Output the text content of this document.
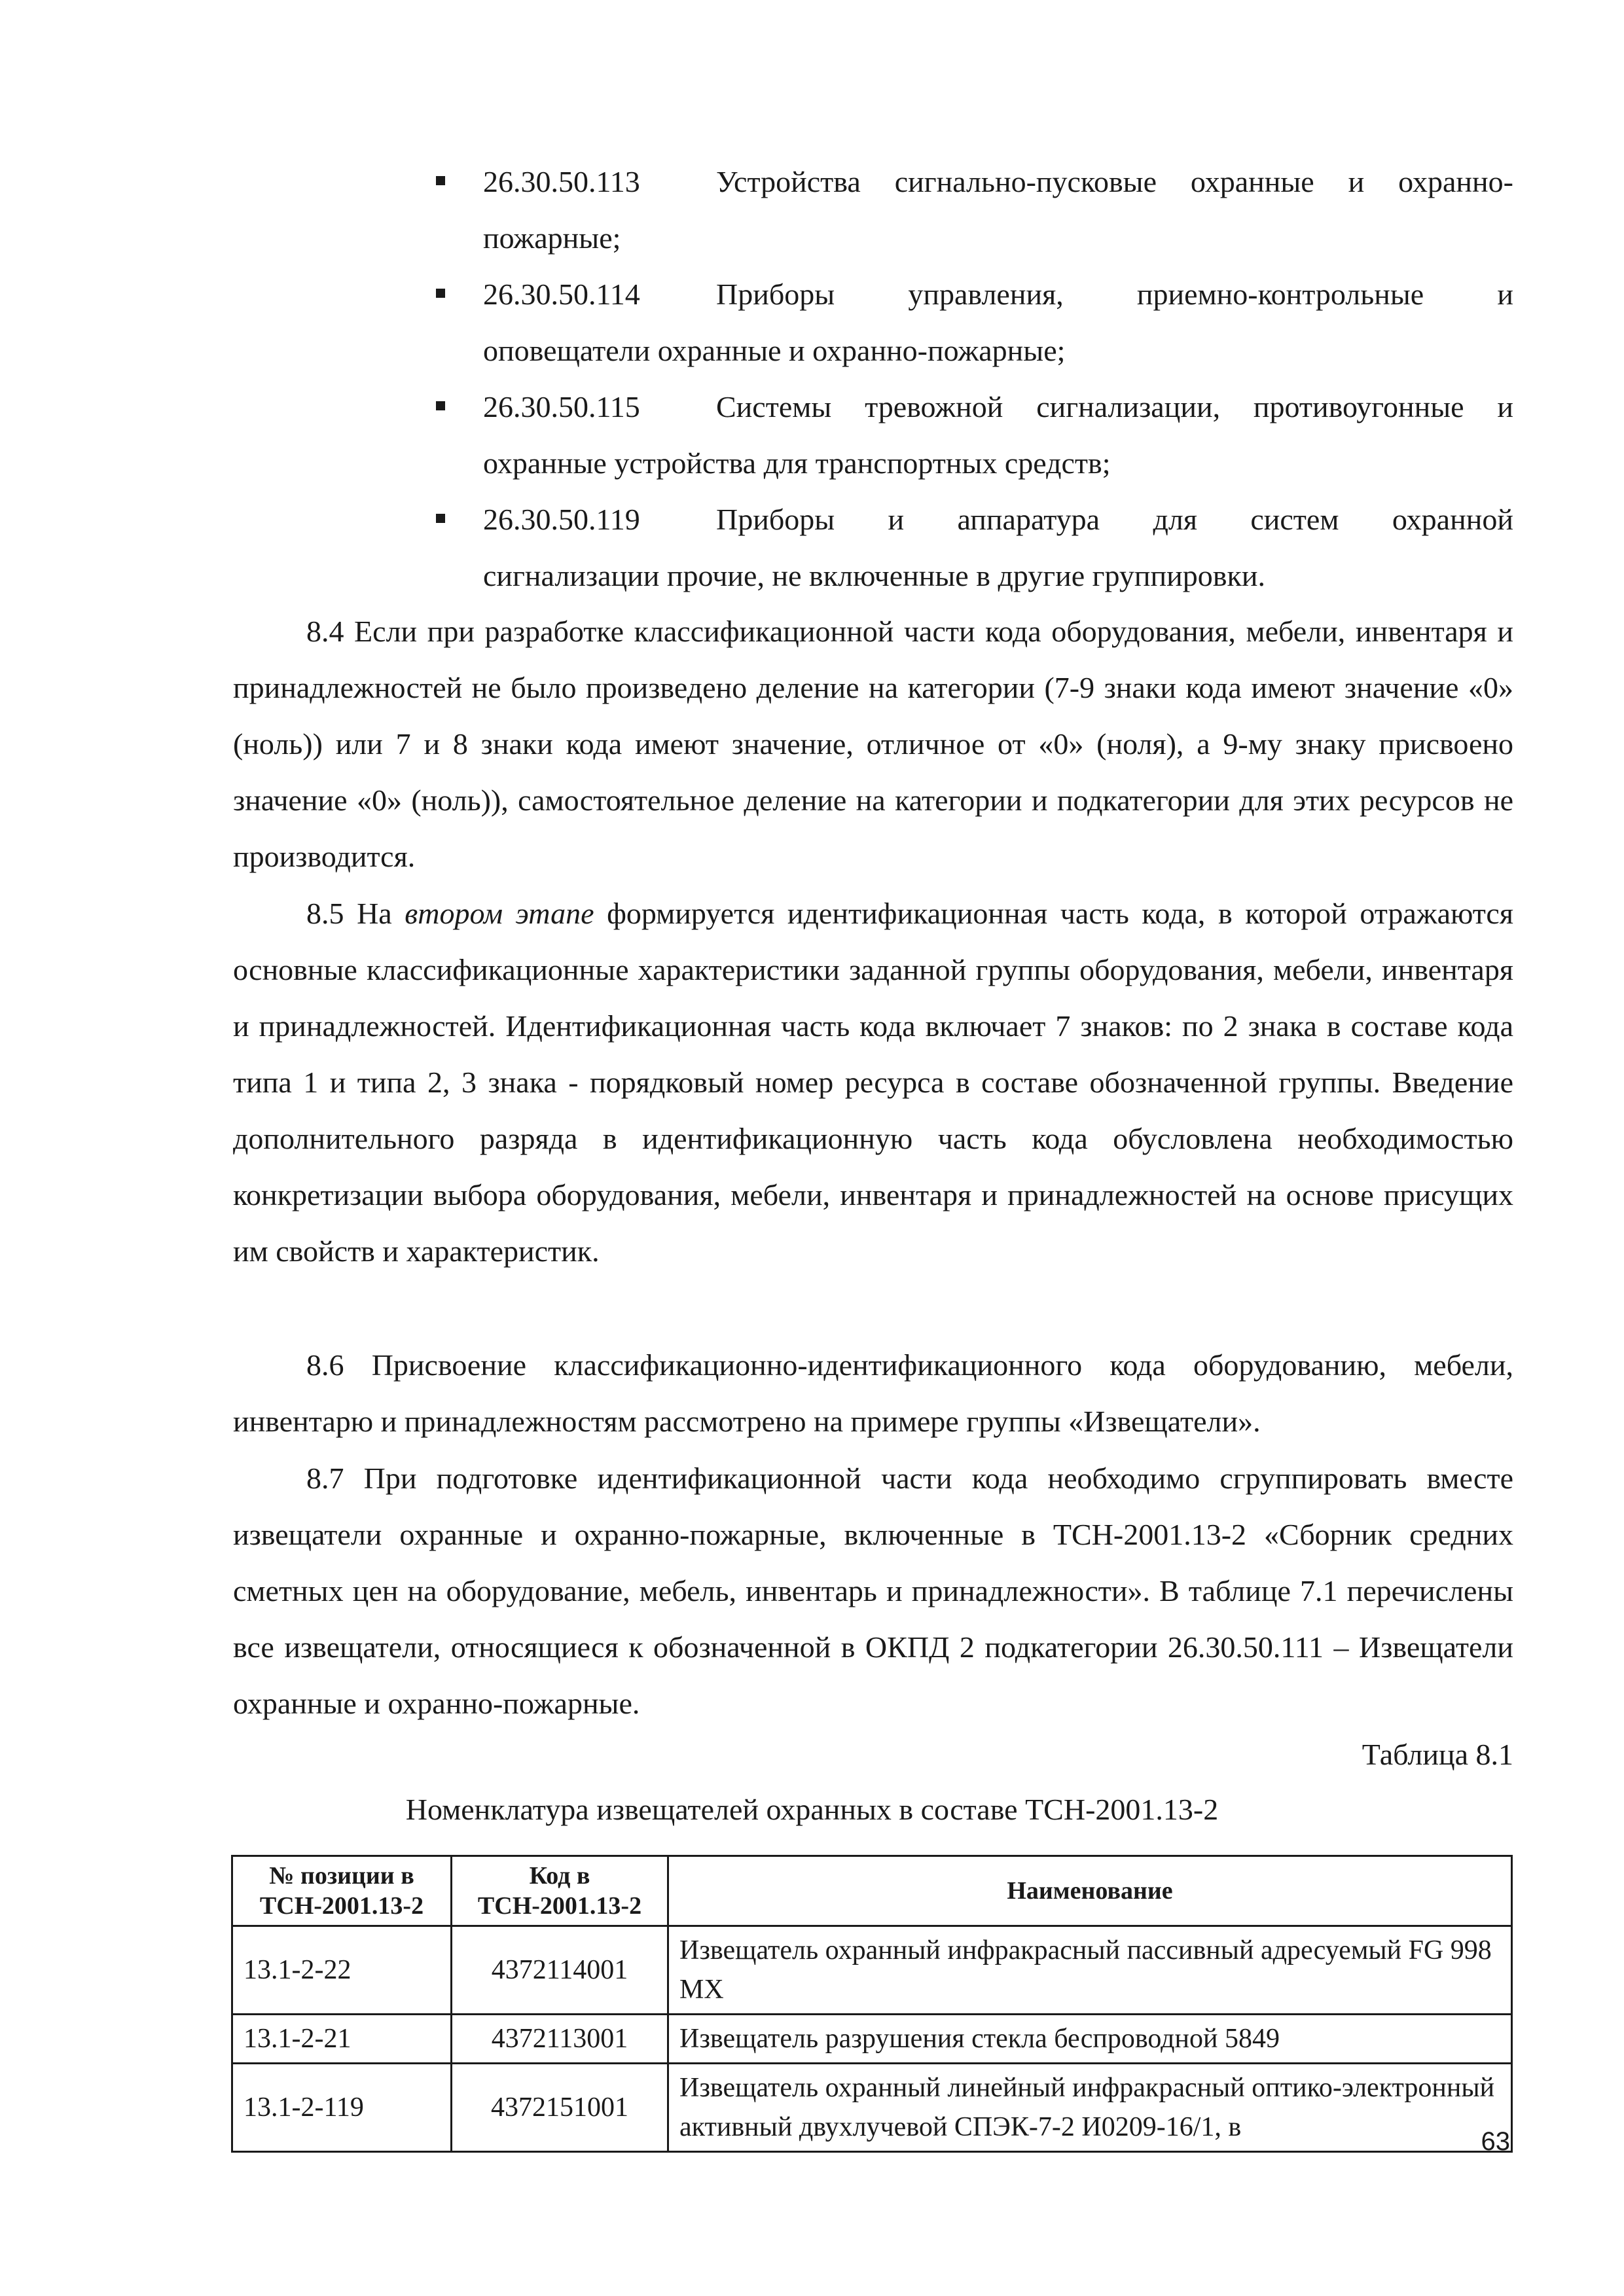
26.30.50.113	Устройства сигнально-пусковые охранные и охранно-
пожарные;
26.30.50.114	Приборы управления, приемно-контрольные и
оповещатели охранные и охранно-пожарные;
26.30.50.115	Системы тревожной сигнализации, противоугонные и
охранные устройства для транспортных средств;
26.30.50.119	Приборы и аппаратура для систем охранной
сигнализации прочие, не включенные в другие группировки.

8.4 Если при разработке классификационной части кода оборудования, мебели, инвентаря и принадлежностей не было произведено деление на категории (7-9 знаки кода имеют значение «0» (ноль)) или 7 и 8 знаки кода имеют значение, отличное от «0» (ноля), а 9-му знаку присвоено значение «0» (ноль)), самостоятельное деление на категории и подкатегории для этих ресурсов не производится.

8.5 На втором этапе формируется идентификационная часть кода, в которой отражаются основные классификационные характеристики заданной группы оборудования, мебели, инвентаря и принадлежностей. Идентификационная часть кода включает 7 знаков: по 2 знака в составе кода типа 1 и типа 2, 3 знака - порядковый номер ресурса в составе обозначенной группы. Введение дополнительного разряда в идентификационную часть кода обусловлена необходимостью конкретизации выбора оборудования, мебели, инвентаря и принадлежностей на основе присущих им свойств и характеристик.

8.6 Присвоение классификационно-идентификационного кода оборудованию, мебели, инвентарю и принадлежностям рассмотрено на примере группы «Извещатели».

8.7 При подготовке идентификационной части кода необходимо сгруппировать вместе извещатели охранные и охранно-пожарные, включенные в ТСН-2001.13-2 «Сборник средних сметных цен на оборудование, мебель, инвентарь и принадлежности». В таблице 7.1 перечислены все извещатели, относящиеся к обозначенной в ОКПД 2 подкатегории 26.30.50.111 – Извещатели охранные и охранно-пожарные.

Таблица 8.1

Номенклатура извещателей охранных в составе ТСН-2001.13-2

№ позиции в ТСН-2001.13-2	Код в ТСН-2001.13-2	Наименование
13.1-2-22	4372114001	Извещатель охранный инфракрасный пассивный адресуемый FG 998 MX
13.1-2-21	4372113001	Извещатель разрушения стекла беспроводной 5849
13.1-2-119	4372151001	Извещатель охранный линейный инфракрасный оптико-электронный активный двухлучевой СПЭК-7-2 И0209-16/1, в	63
